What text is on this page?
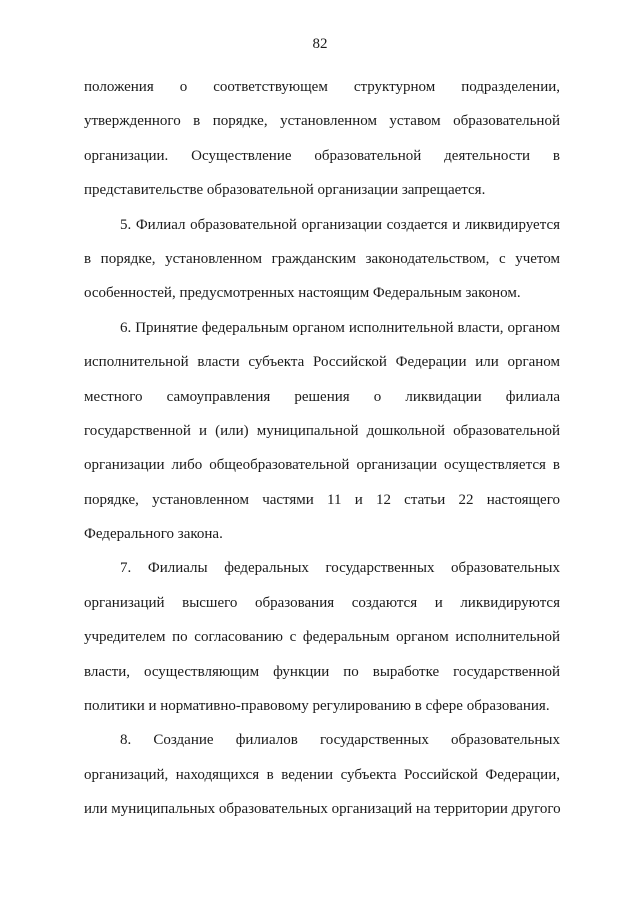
82
положения о соответствующем структурном подразделении,
утвержденного в порядке, установленном уставом образовательной
организации. Осуществление образовательной деятельности в
представительстве образовательной организации запрещается.
5. Филиал образовательной организации создается и ликвидируется
в порядке, установленном гражданским законодательством, с учетом
особенностей, предусмотренных настоящим Федеральным законом.
6. Принятие федеральным органом исполнительной власти, органом
исполнительной власти субъекта Российской Федерации или органом
местного самоуправления решения о ликвидации филиала
государственной и (или) муниципальной дошкольной образовательной
организации либо общеобразовательной организации осуществляется в
порядке, установленном частями 11 и 12 статьи 22 настоящего
Федерального закона.
7. Филиалы федеральных государственных образовательных
организаций высшего образования создаются и ликвидируются
учредителем по согласованию с федеральным органом исполнительной
власти, осуществляющим функции по выработке государственной
политики и нормативно-правовому регулированию в сфере образования.
8. Создание филиалов государственных образовательных
организаций, находящихся в ведении субъекта Российской Федерации,
или муниципальных образовательных организаций на территории другого
